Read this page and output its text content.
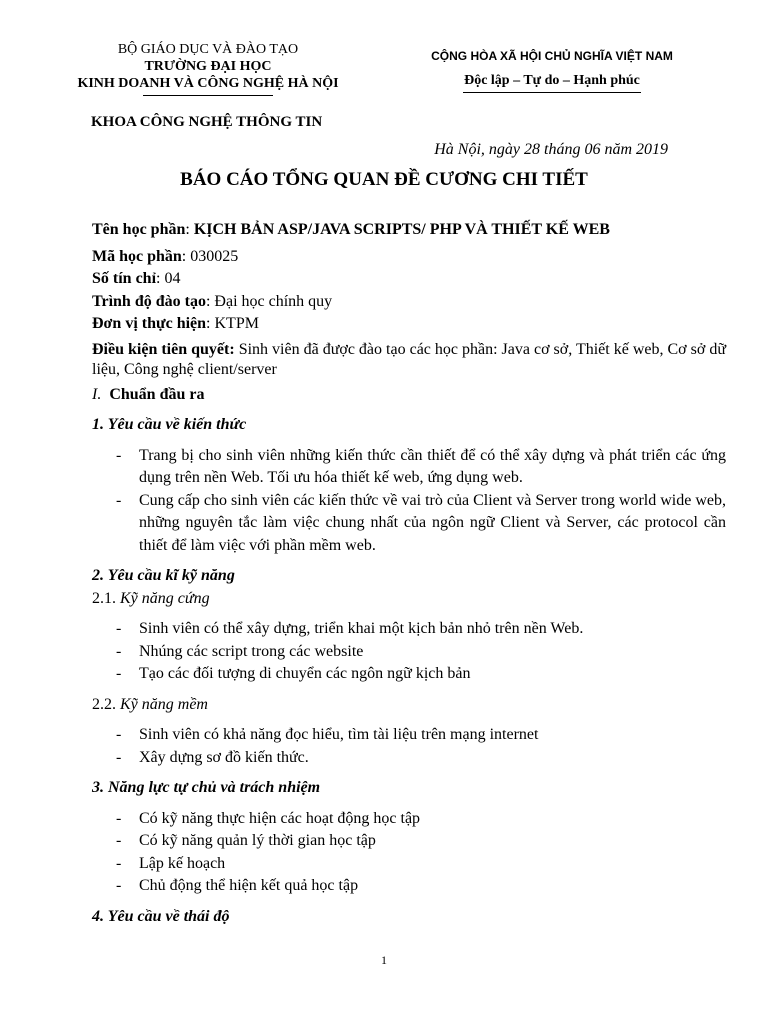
BỘ GIÁO DỤC VÀ ĐÀO TẠO
TRƯỜNG ĐẠI HỌC
KINH DOANH VÀ CÔNG NGHỆ HÀ NỘI
CỘNG HÒA XÃ HỘI CHỦ NGHĨA VIỆT NAM
Độc lập – Tự do – Hạnh phúc
KHOA CÔNG NGHỆ THÔNG TIN
Hà Nội, ngày 28 tháng 06 năm 2019
BÁO CÁO TỔNG QUAN ĐỀ CƯƠNG CHI TIẾT

Tên học phần: KỊCH BẢN ASP/JAVA SCRIPTS/ PHP VÀ THIẾT KẾ WEB

Mã học phần: 030025

Số tín chỉ: 04

Trình độ đào tạo: Đại học chính quy

Đơn vị thực hiện: KTPM

Điều kiện tiên quyết: Sinh viên đã được đào tạo các học phần: Java cơ sở, Thiết kế web, Cơ sở dữ liệu, Công nghệ client/server

I. Chuẩn đầu ra

1. Yêu cầu về kiến thức

- Trang bị cho sinh viên những kiến thức cần thiết để có thể xây dựng và phát triển các ứng dụng trên nền Web. Tối ưu hóa thiết kế web, ứng dụng web.
- Cung cấp cho sinh viên các kiến thức về vai trò của Client và Server trong world wide web, những nguyên tắc làm việc chung nhất của ngôn ngữ Client và Server, các protocol cần thiết để làm việc với phần mềm web.

2. Yêu cầu kĩ kỹ năng

2.1. Kỹ năng cứng

- Sinh viên có thể xây dựng, triển khai một kịch bản nhỏ trên nền Web.
- Nhúng các script trong các website
- Tạo các đối tượng di chuyển các ngôn ngữ kịch bản

2.2. Kỹ năng mềm

- Sinh viên có khả năng đọc hiểu, tìm tài liệu trên mạng internet
- Xây dựng sơ đồ kiến thức.

3. Năng lực tự chủ và trách nhiệm

- Có kỹ năng thực hiện các hoạt động học tập
- Có kỹ năng quản lý thời gian học tập
- Lập kế hoạch
- Chủ động thể hiện kết quả học tập

4. Yêu cầu về thái độ

1
